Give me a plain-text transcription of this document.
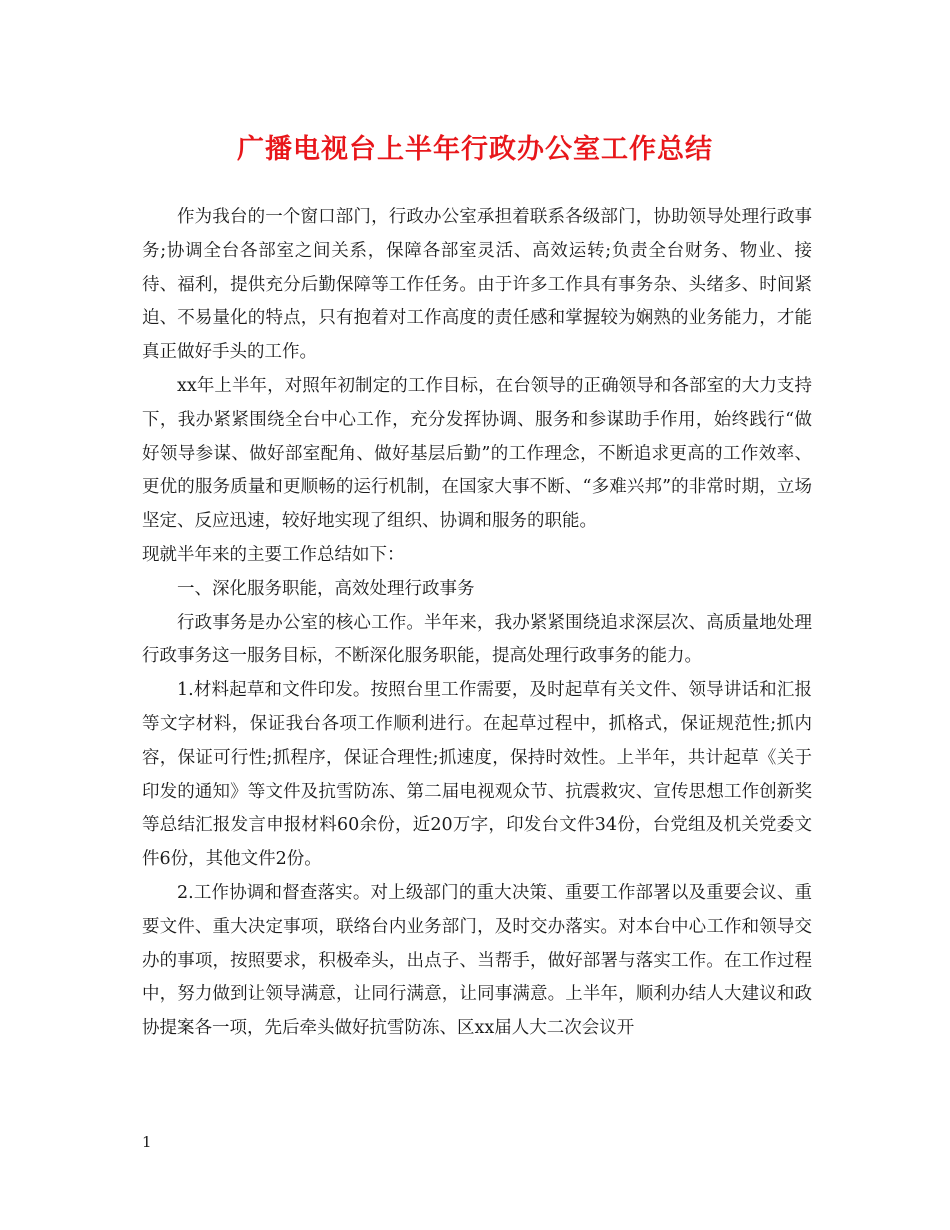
广播电视台上半年行政办公室工作总结

作为我台的一个窗口部门，行政办公室承担着联系各级部门，协助领导处理行政事务;协调全台各部室之间关系，保障各部室灵活、高效运转;负责全台财务、物业、接待、福利，提供充分后勤保障等工作任务。由于许多工作具有事务杂、头绪多、时间紧迫、不易量化的特点，只有抱着对工作高度的责任感和掌握较为娴熟的业务能力，才能真正做好手头的工作。

xx年上半年，对照年初制定的工作目标，在台领导的正确领导和各部室的大力支持下，我办紧紧围绕全台中心工作，充分发挥协调、服务和参谋助手作用，始终践行“做好领导参谋、做好部室配角、做好基层后勤”的工作理念，不断追求更高的工作效率、更优的服务质量和更顺畅的运行机制，在国家大事不断、“多难兴邦”的非常时期，立场坚定、反应迅速，较好地实现了组织、协调和服务的职能。

现就半年来的主要工作总结如下：

一、深化服务职能，高效处理行政事务

行政事务是办公室的核心工作。半年来，我办紧紧围绕追求深层次、高质量地处理行政事务这一服务目标，不断深化服务职能，提高处理行政事务的能力。

1.材料起草和文件印发。按照台里工作需要，及时起草有关文件、领导讲话和汇报等文字材料，保证我台各项工作顺利进行。在起草过程中，抓格式，保证规范性;抓内容，保证可行性;抓程序，保证合理性;抓速度，保持时效性。上半年，共计起草《关于印发的通知》等文件及抗雪防冻、第二届电视观众节、抗震救灾、宣传思想工作创新奖等总结汇报发言申报材料60余份，近20万字，印发台文件34份，台党组及机关党委文件6份，其他文件2份。

2.工作协调和督查落实。对上级部门的重大决策、重要工作部署以及重要会议、重要文件、重大决定事项，联络台内业务部门，及时交办落实。对本台中心工作和领导交办的事项，按照要求，积极牵头，出点子、当帮手，做好部署与落实工作。在工作过程中，努力做到让领导满意，让同行满意，让同事满意。上半年，顺利办结人大建议和政协提案各一项，先后牵头做好抗雪防冻、区xx届人大二次会议开

1
